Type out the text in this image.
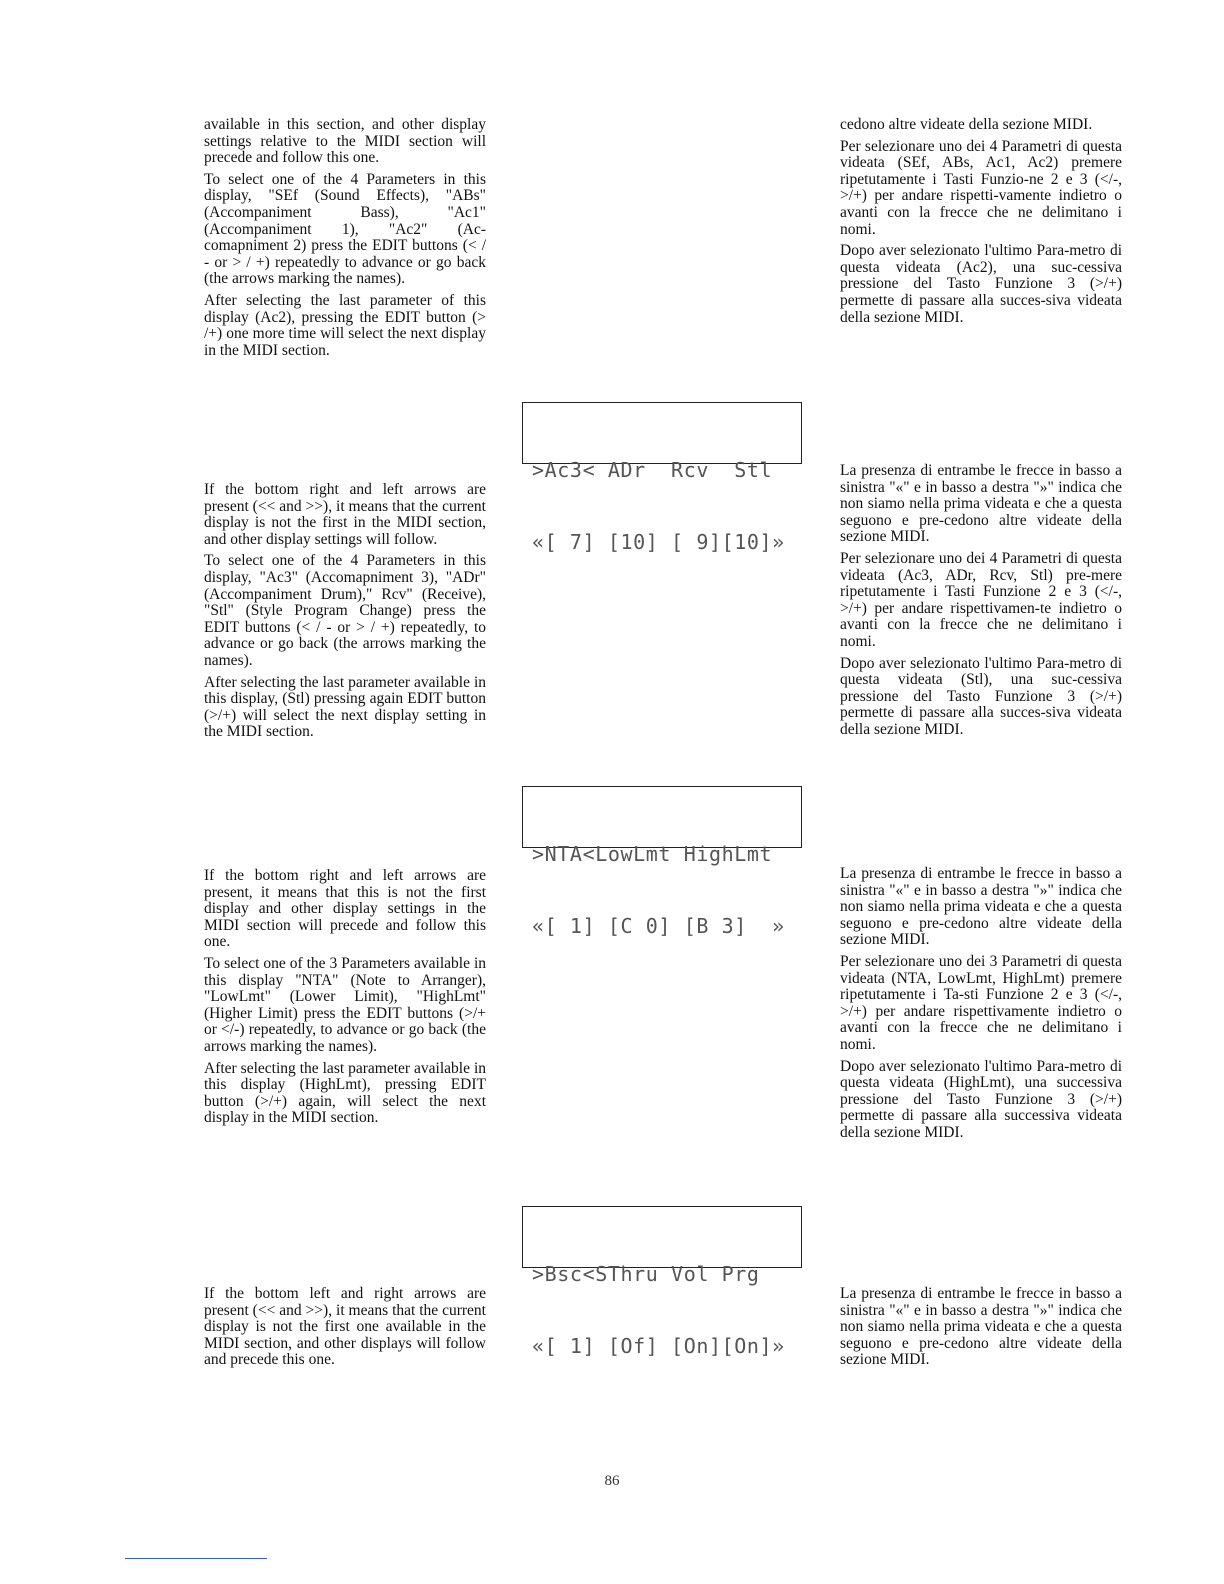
available in this section, and other display settings relative to the MIDI section will precede and follow this one.

To select one of the 4 Parameters in this display, "SEf (Sound Effects), "ABs" (Accompaniment Bass), "Ac1" (Accompaniment 1), "Ac2" (Ac-comapniment 2) press the EDIT buttons (< / - or > / +) repeatedly to advance or go back (the arrows marking the names).

After selecting the last parameter of this display (Ac2), pressing the EDIT button (> /+) one more time will select the next display in the MIDI section.

cedono altre videate della sezione MIDI.

Per selezionare uno dei 4 Parametri di questa videata (SEf, ABs, Ac1, Ac2) premere ripetutamente i Tasti Funzio-ne 2 e 3 (</-, >/+) per andare rispetti-vamente indietro o avanti con la frecce che ne delimitano i nomi.

Dopo aver selezionato l'ultimo Para-metro di questa videata (Ac2), una suc-cessiva pressione del Tasto Funzione 3 (>/+) permette di passare alla succes-siva videata della sezione MIDI.

>Ac3< ADr  Rcv  Stl

«[ 7] [10] [ 9][10]»

If the bottom right and left arrows are present (<< and >>), it means that the current display is not the first in the MIDI section, and other display settings will follow.

To select one of the 4 Parameters in this display, "Ac3" (Accomapniment 3), "ADr" (Accompaniment Drum)," Rcv" (Receive), "Stl" (Style Program Change) press the EDIT buttons (< / - or > / +) repeatedly, to advance or go back (the arrows marking the names).

After selecting the last parameter available in this display, (Stl) pressing again EDIT button (>/+) will select the next display setting in the MIDI section.

La presenza di entrambe le frecce in basso a sinistra "«" e in basso a destra "»" indica che non siamo nella prima videata e che a questa seguono e pre-cedono altre videate della sezione MIDI.

Per selezionare uno dei 4 Parametri di questa videata (Ac3, ADr, Rcv, Stl) pre-mere ripetutamente i Tasti Funzione 2 e 3 (</-, >/+) per andare rispettivamen-te indietro o avanti con la frecce che ne delimitano i nomi.

Dopo aver selezionato l'ultimo Para-metro di questa videata (Stl), una suc-cessiva pressione del Tasto Funzione 3 (>/+) permette di passare alla succes-siva videata della sezione MIDI.

>NTA<LowLmt HighLmt

«[ 1] [C 0] [B 3]  »

If the bottom right and left arrows are present, it means that this is not the first display and other display settings in the MIDI section will precede and follow this one.

To select one of the 3 Parameters available in this display "NTA" (Note to Arranger), "LowLmt" (Lower Limit), "HighLmt" (Higher Limit) press the EDIT buttons (>/+ or </-) repeatedly, to advance or go back (the arrows marking the names).

After selecting the last parameter available in this display (HighLmt), pressing EDIT button (>/+) again, will select the next display in the MIDI section.

La presenza di entrambe le frecce in basso a sinistra "«" e in basso a destra "»" indica che non siamo nella prima videata e che a questa seguono e pre-cedono altre videate della sezione MIDI.

Per selezionare uno dei 3 Parametri di questa videata (NTA, LowLmt, HighLmt) premere ripetutamente i Ta-sti Funzione 2 e 3 (</-, >/+) per andare rispettivamente indietro o avanti con la frecce che ne delimitano i nomi.

Dopo aver selezionato l'ultimo Para-metro di questa videata (HighLmt), una successiva pressione del Tasto Funzione 3 (>/+) permette di passare alla successiva videata della sezione MIDI.

>Bsc<SThru Vol Prg

«[ 1] [Of] [On][On]»

If the bottom left and right arrows are present (<< and >>), it means that the current display is not the first one available in the MIDI section, and other displays will follow and precede this one.

La presenza di entrambe le frecce in basso a sinistra "«" e in basso a destra "»" indica che non siamo nella prima videata e che a questa seguono e pre-cedono altre videate della sezione MIDI.

86
